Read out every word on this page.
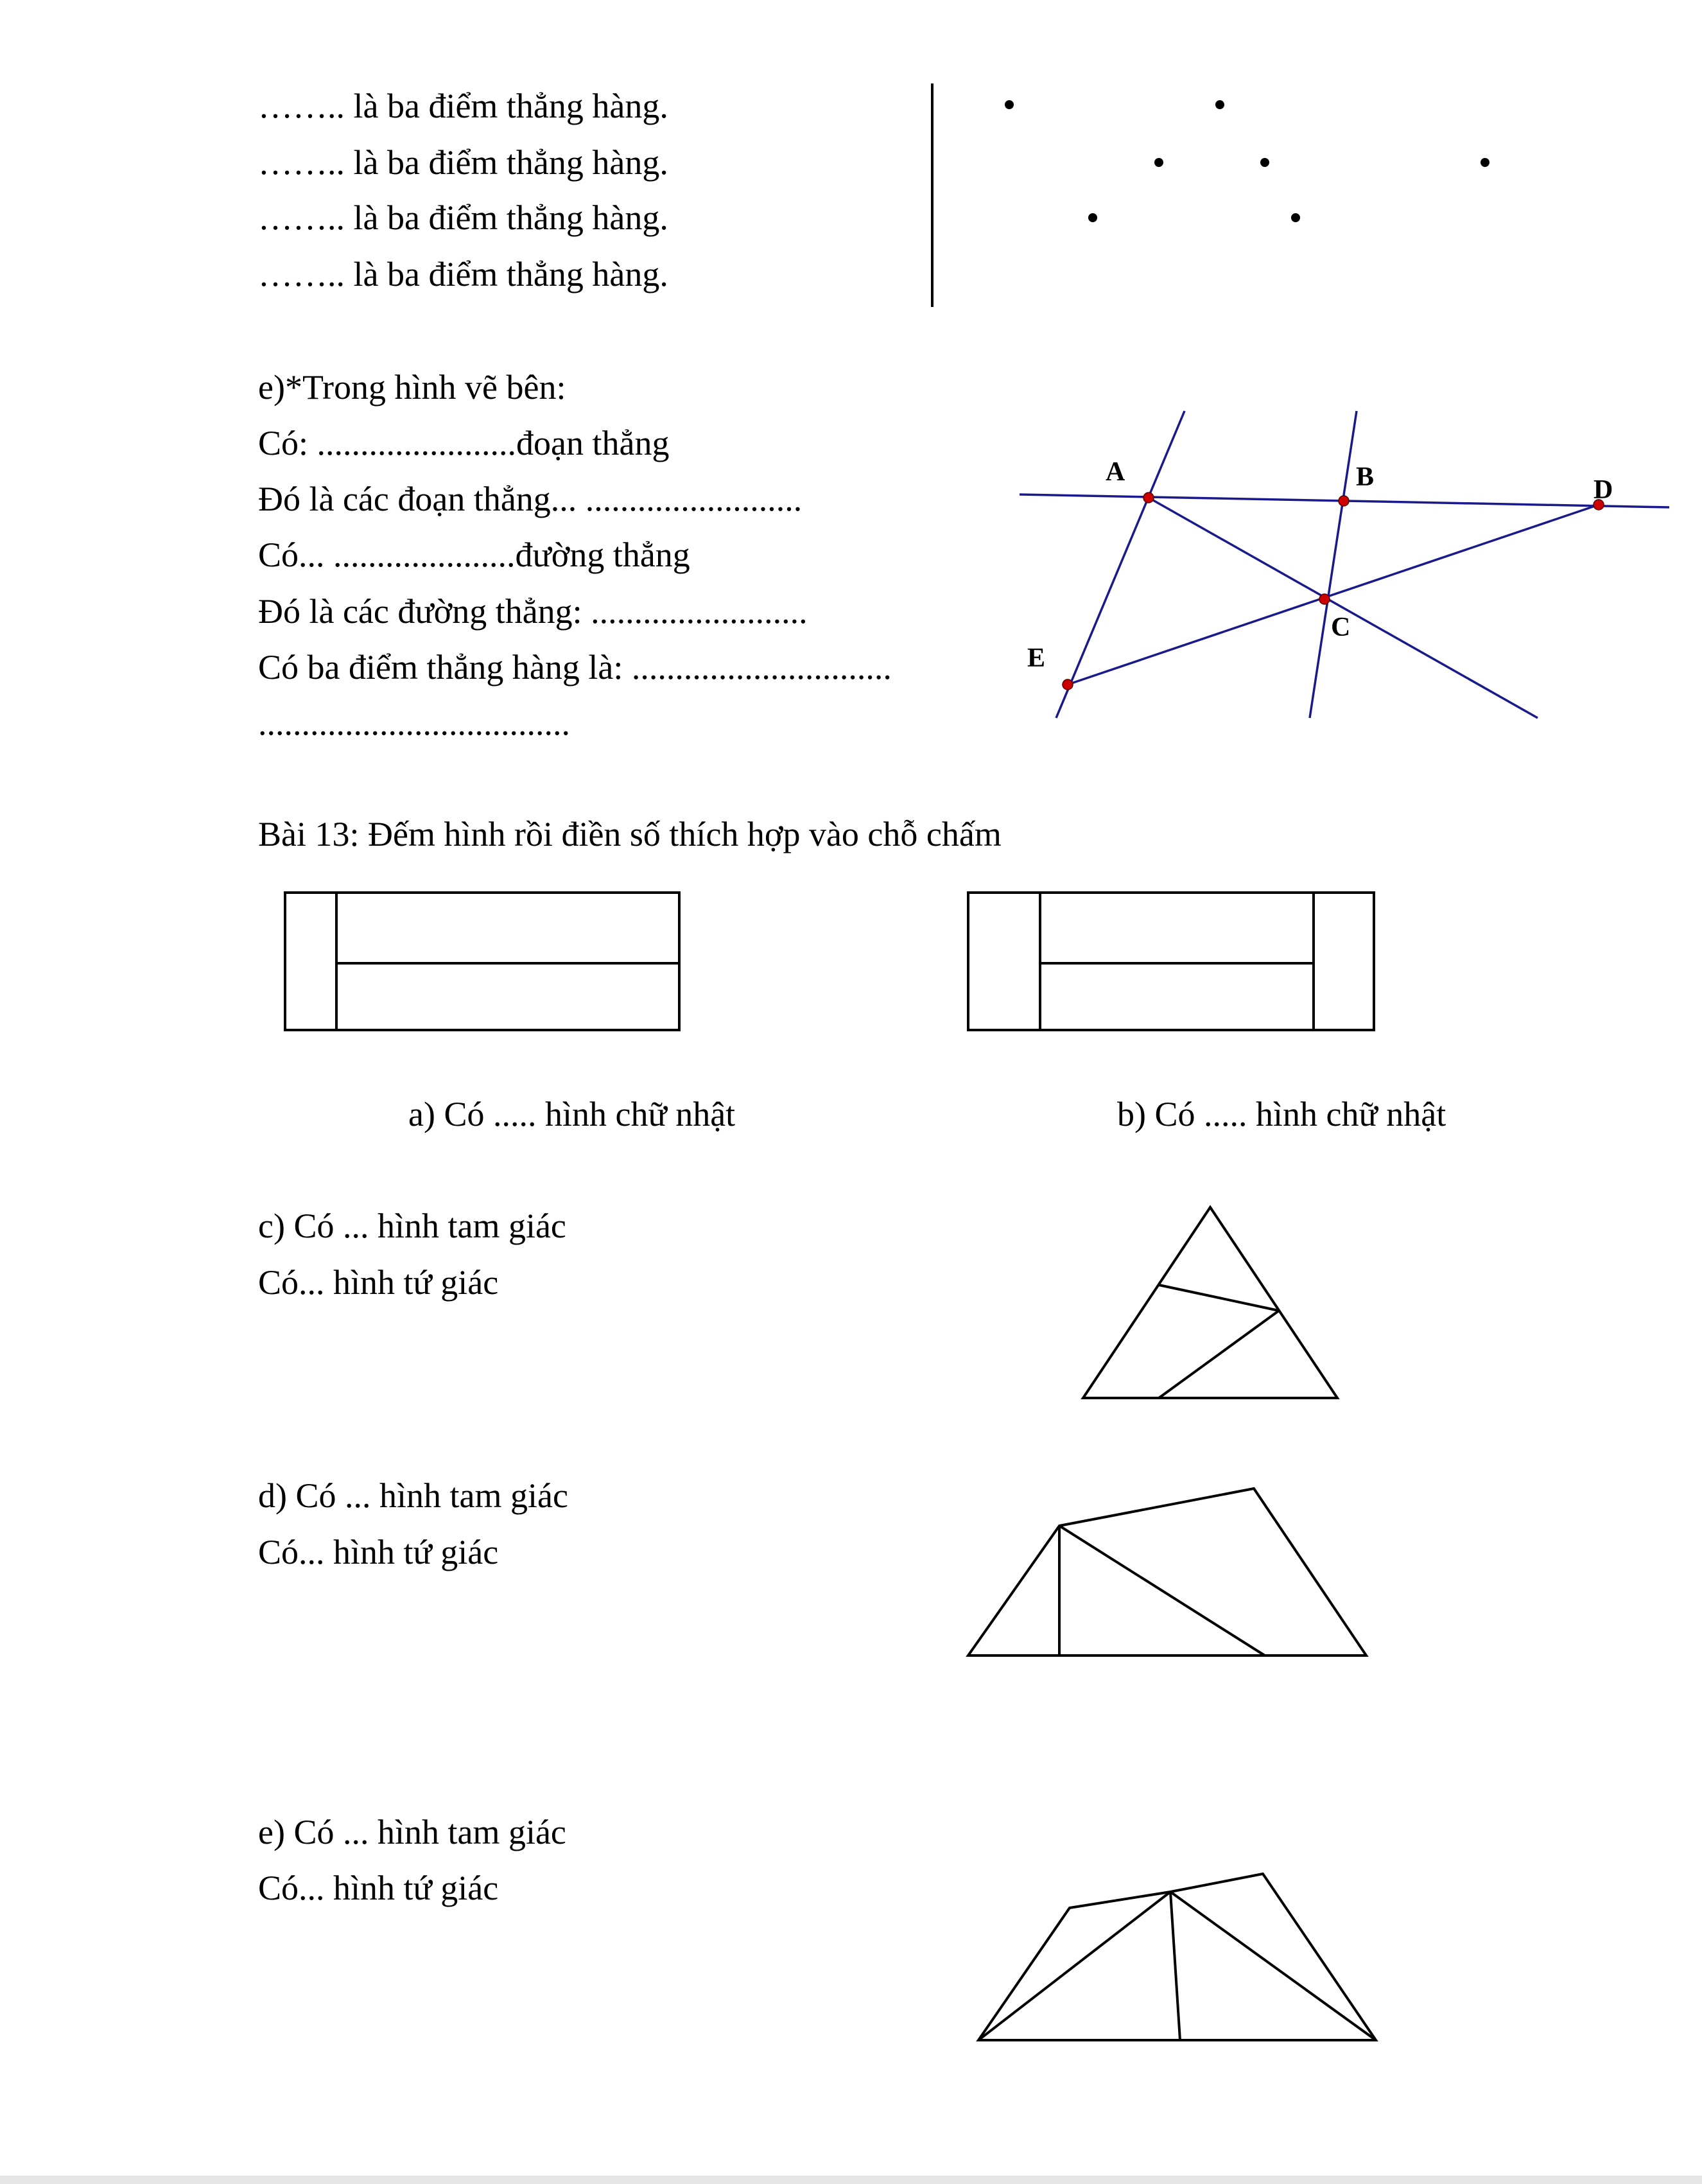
…….. là ba điểm thẳng hàng.
…….. là ba điểm thẳng hàng.
…….. là ba điểm thẳng hàng.
…….. là ba điểm thẳng hàng.
e)*Trong hình vẽ bên:
Có: .......................đoạn thẳng
Đó là các đoạn thẳng... .........................
Có... .....................đường thẳng
Đó là các đường thẳng: .........................
Có ba điểm thẳng hàng là: ..............................
....................................
A	B
C
D
E
Bài 13: Đếm hình rồi điền số thích hợp vào chỗ chấm
a) Có ..... hình chữ nhật	b) Có ..... hình chữ nhật
c) Có ... hình tam giác
Có... hình tứ giác
d) Có ... hình tam giác
Có... hình tứ giác
e) Có ... hình tam giác
Có... hình tứ giác
